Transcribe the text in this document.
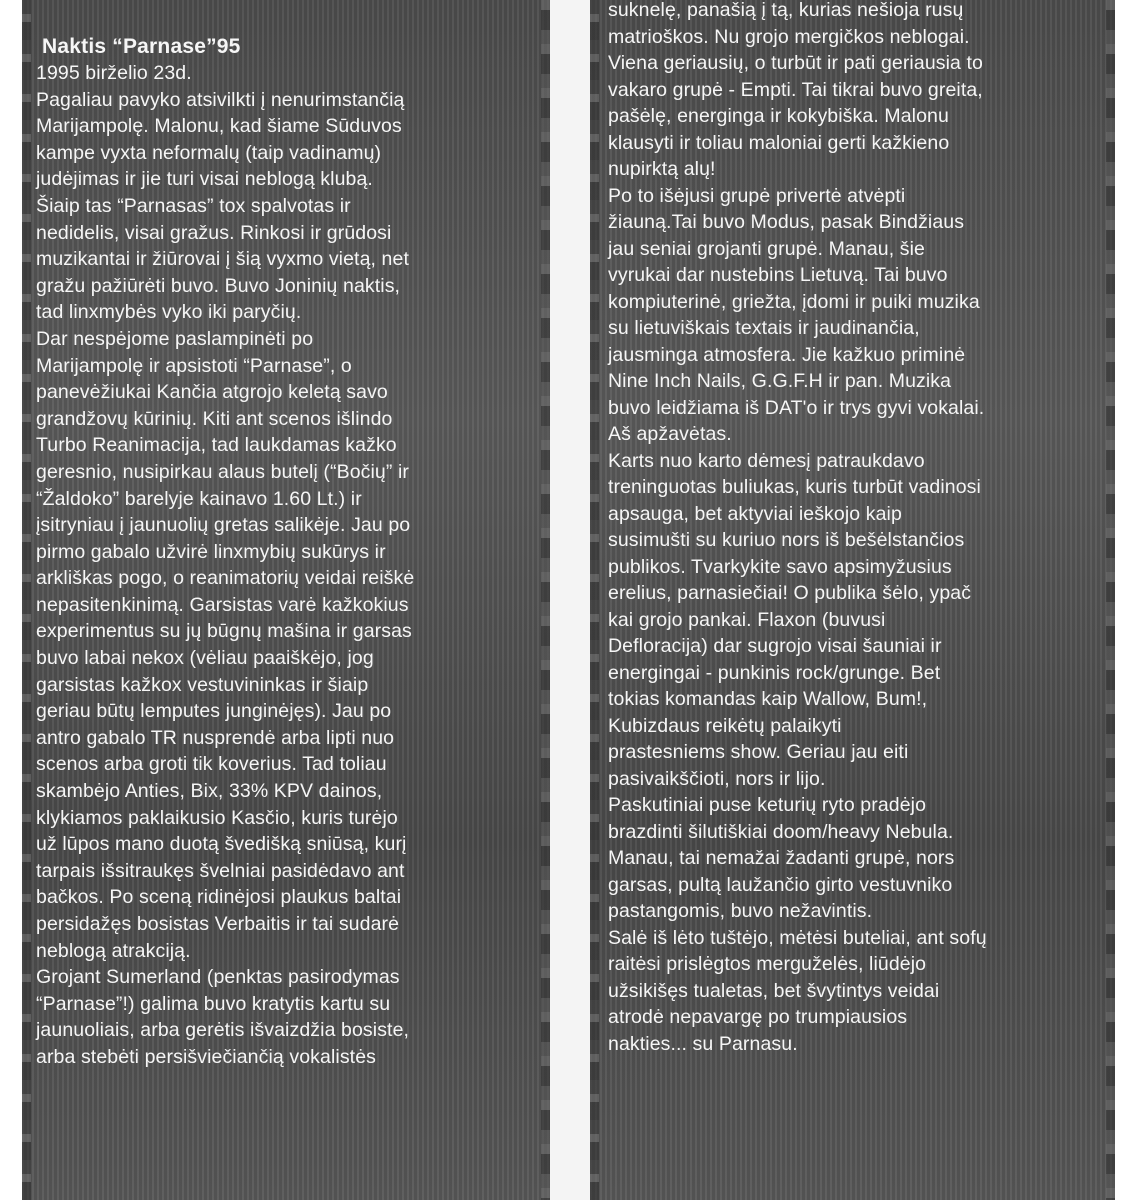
Naktis “Parnase”95
1995 birželio 23d.
Pagaliau pavyko atsivilkti į nenurimstančią
Marijampolę. Malonu, kad šiame Sūduvos
kampe vyxta neformalų (taip vadinamų)
judėjimas ir jie turi visai neblogą klubą.
Šiaip tas “Parnasas” tox spalvotas ir
nedidelis, visai gražus. Rinkosi ir grūdosi
muzikantai ir žiūrovai į šią vyxmo vietą, net
gražu pažiūrėti buvo. Buvo Joninių naktis,
tad linxmybės vyko iki paryčių.
Dar nespėjome paslampinėti po
Marijampolę ir apsistoti “Parnase”, o
panevėžiukai Kančia atgrojo keletą savo
grandžovų kūrinių. Kiti ant scenos išlindo
Turbo Reanimacija, tad laukdamas kažko
geresnio, nusipirkau alaus butelį (“Bočių” ir
“Žaldoko” barelyje kainavo 1.60 Lt.) ir
įsitryniau į jaunuolių gretas salikėje. Jau po
pirmo gabalo užvirė linxmybių sukūrys ir
arkliškas pogo, o reanimatorių veidai reiškė
nepasitenkinimą. Garsistas varė kažkokius
experimentus su jų būgnų mašina ir garsas
buvo labai nekox (vėliau paaiškėjo, jog
garsistas kažkox vestuvininkas ir šiaip
geriau būtų lemputes junginėjęs). Jau po
antro gabalo TR nusprendė arba lipti nuo
scenos arba groti tik koverius. Tad toliau
skambėjo Anties, Bix, 33% KPV dainos,
klykiamos paklaikusio Kasčio, kuris turėjo
už lūpos mano duotą švedišką sniūsą, kurį
tarpais išsitraukęs švelniai pasidėdavo ant
bačkos. Po sceną ridinėjosi plaukus baltai
persidažęs bosistas Verbaitis ir tai sudarė
neblogą atrakciją.
Grojant Sumerland (penktas pasirodymas
“Parnase”!) galima buvo kratytis kartu su
jaunuoliais, arba gerėtis išvaizdžia bosiste,
arba stebėti persišviečiančią vokalistės
suknelę, panašią į tą, kurias nešioja rusų
matrioškos. Nu grojo mergičkos neblogai.
Viena geriausių, o turbūt ir pati geriausia to
vakaro grupė - Empti. Tai tikrai buvo greita,
pašėlę, energinga ir kokybiška. Malonu
klausyti ir toliau maloniai gerti kažkieno
nupirktą alų!
Po to išėjusi grupė privertė atvėpti
žiauną.Tai buvo Modus, pasak Bindžiaus
jau seniai grojanti grupė. Manau, šie
vyrukai dar nustebins Lietuvą. Tai buvo
kompiuterinė, griežta, įdomi ir puiki muzika
su lietuviškais textais ir jaudinančia,
jausminga atmosfera. Jie kažkuo priminė
Nine Inch Nails, G.G.F.H ir pan. Muzika
buvo leidžiama iš DAT'o ir trys gyvi vokalai.
Aš apžavėtas.
Karts nuo karto dėmesį patraukdavo
treninguotas buliukas, kuris turbūt vadinosi
apsauga, bet aktyviai ieškojo kaip
susimušti su kuriuo nors iš bešėlstančios
publikos. Tvarkykite savo apsimyžusius
erelius, parnasiečiai! O publika šėlo, ypač
kai grojo pankai. Flaxon (buvusi
Defloracija) dar sugrojo visai šauniai ir
energingai - punkinis rock/grunge. Bet
tokias komandas kaip Wallow, Bum!,
Kubizdaus reikėtų palaikyti
prastesniems show. Geriau jau eiti
pasivaikščioti, nors ir lijo.
Paskutiniai puse keturių ryto pradėjo
brazdinti šilutiškiai doom/heavy Nebula.
Manau, tai nemažai žadanti grupė, nors
garsas, pultą laužančio girto vestuvniko
pastangomis, buvo nežavintis.
Salė iš lėto tuštėjo, mėtėsi buteliai, ant sofų
raitėsi prislėgtos merguželės, liūdėjo
užsikišęs tualetas, bet švytintys veidai
atrodė nepavargę po trumpiausios
nakties... su Parnasu.
